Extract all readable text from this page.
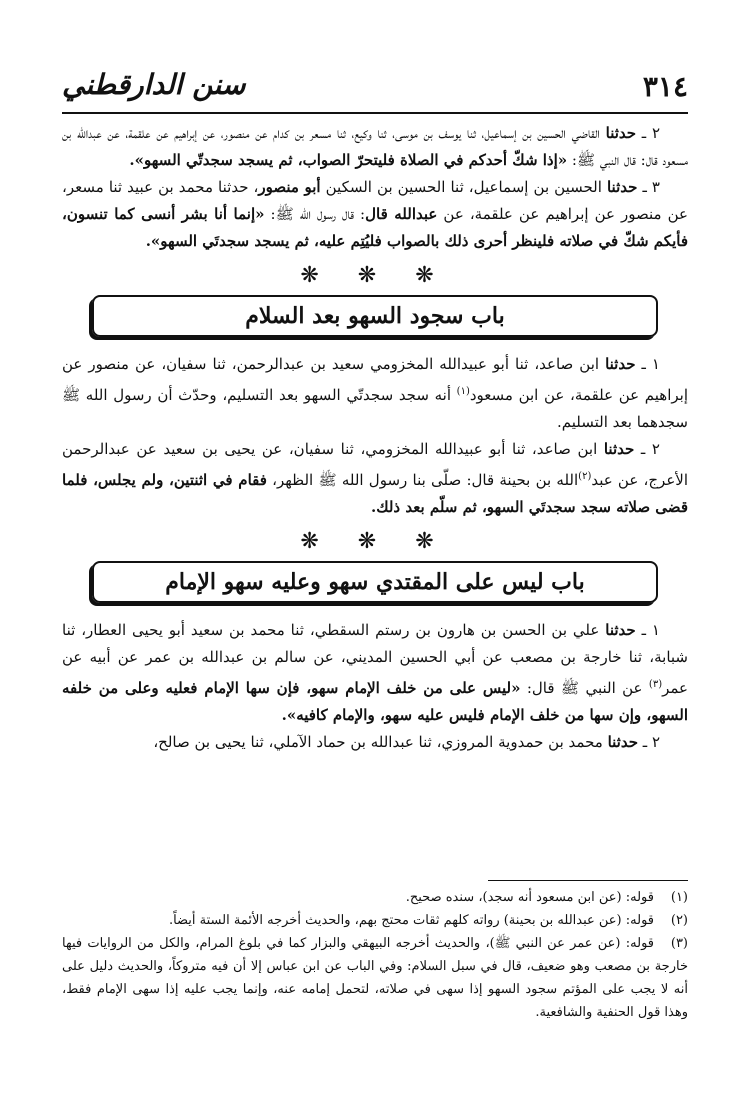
٣١٤
سنن الدارقطني

٢ ـ حدثنا القاضي الحسين بن إسماعيل، ثنا يوسف بن موسى، ثنا وكيع، ثنا مسعر بن كدام عن منصور، عن إبراهيم عن علقمة، عن عبدالله بن مسعود قال: قال النبي ﷺ: «إذا شكّ أحدكم في الصلاة فليتحرّ الصواب، ثم يسجد سجدتّي السهو».

٣ ـ حدثنا الحسين بن إسماعيل، ثنا الحسين بن السكين أبو منصور، حدثنا محمد بن عبيد ثنا مسعر، عن منصور عن إبراهيم عن علقمة، عن عبدالله قال: قال رسول الله ﷺ: «إنما أنا بشر أنسى كما تنسون، فأيكم شكّ في صلاته فلينظر أحرى ذلك بالصواب فليُتِم عليه، ثم يسجد سجدتَي السهو».

❋ ❋ ❋
باب سجود السهو بعد السلام

١ ـ حدثنا ابن صاعد، ثنا أبو عبيدالله المخزومي سعيد بن عبدالرحمن، ثنا سفيان، عن منصور عن إبراهيم عن علقمة، عن ابن مسعود$^{(١)}$ أنه سجد سجدتّي السهو بعد التسليم، وحدّث أن رسول الله ﷺ سجدهما بعد التسليم.

٢ ـ حدثنا ابن صاعد، ثنا أبو عبيدالله المخزومي، ثنا سفيان، عن يحيى بن سعيد عن عبدالرحمن الأعرج، عن عبد$^{(٢)}$الله بن بحينة قال: صلّى بنا رسول الله ﷺ الظهر، فقام في اثنتين، ولم يجلس، فلما قضى صلاته سجد سجدتَي السهو، ثم سلّم بعد ذلك.

❋ ❋ ❋
باب ليس على المقتدي سهو وعليه سهو الإمام

١ ـ حدثنا علي بن الحسن بن هارون بن رستم السقطي، ثنا محمد بن سعيد أبو يحيى العطار، ثنا شبابة، ثنا خارجة بن مصعب عن أبي الحسين المديني، عن سالم بن عبدالله بن عمر عن أبيه عن عمر$^{(٣)}$ عن النبي ﷺ قال: «ليس على من خلف الإمام سهو، فإن سها الإمام فعليه وعلى من خلفه السهو، وإن سها من خلف الإمام فليس عليه سهو، والإمام كافيه».

٢ ـ حدثنا محمد بن حمدوية المروزي، ثنا عبدالله بن حماد الآملي، ثنا يحيى بن صالح،

(١)قوله: (عن ابن مسعود أنه سجد)، سنده صحيح.

(٢)قوله: (عن عبدالله بن بحينة) رواته كلهم ثقات محتج بهم، والحديث أخرجه الأئمة الستة أيضاً.

(٣)قوله: (عن عمر عن النبي ﷺ)، والحديث أخرجه البيهقي والبزار كما في بلوغ المرام، والكل من الروايات فيها خارجة بن مصعب وهو ضعيف، قال في سبل السلام: وفي الباب عن ابن عباس إلا أن فيه متروكاً، والحديث دليل على أنه لا يجب على المؤتم سجود السهو إذا سهى في صلاته، لتحمل إمامه عنه، وإنما يجب عليه إذا سهى الإمام فقط، وهذا قول الحنفية والشافعية.
